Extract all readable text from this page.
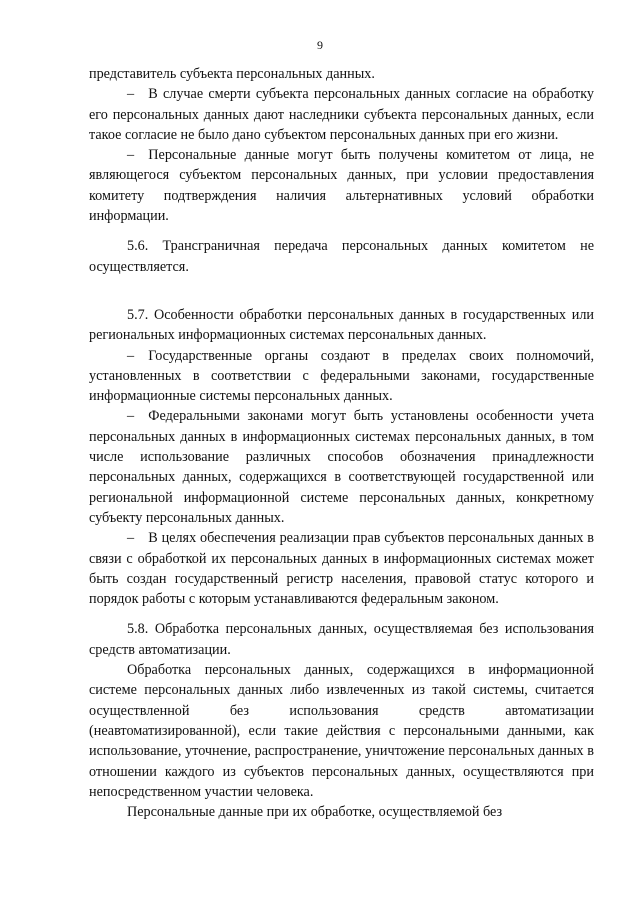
9

представитель субъекта персональных данных.

– В случае смерти субъекта персональных данных согласие на обработку его персональных данных дают наследники субъекта персональных данных, если такое согласие не было дано субъектом персональных данных при его жизни.

– Персональные данные могут быть получены комитетом от лица, не являющегося субъектом персональных данных, при условии предоставления комитету подтверждения наличия альтернативных условий обработки информации.

5.6. Трансграничная передача персональных данных комитетом не осуществляется.

5.7. Особенности обработки персональных данных в государственных или региональных информационных системах персональных данных.

– Государственные органы создают в пределах своих полномочий, установленных в соответствии с федеральными законами, государственные информационные системы персональных данных.

– Федеральными законами могут быть установлены особенности учета персональных данных в информационных системах персональных данных, в том числе использование различных способов обозначения принадлежности персональных данных, содержащихся в соответствующей государственной или региональной информационной системе персональных данных, конкретному субъекту персональных данных.

– В целях обеспечения реализации прав субъектов персональных данных в связи с обработкой их персональных данных в информационных системах может быть создан государственный регистр населения, правовой статус которого и порядок работы с которым устанавливаются федеральным законом.

5.8. Обработка персональных данных, осуществляемая без использования средств автоматизации.

Обработка персональных данных, содержащихся в информационной системе персональных данных либо извлеченных из такой системы, считается осуществленной без использования средств автоматизации (неавтоматизированной), если такие действия с персональными данными, как использование, уточнение, распространение, уничтожение персональных данных в отношении каждого из субъектов персональных данных, осуществляются при непосредственном участии человека.

Персональные данные при их обработке, осуществляемой без
